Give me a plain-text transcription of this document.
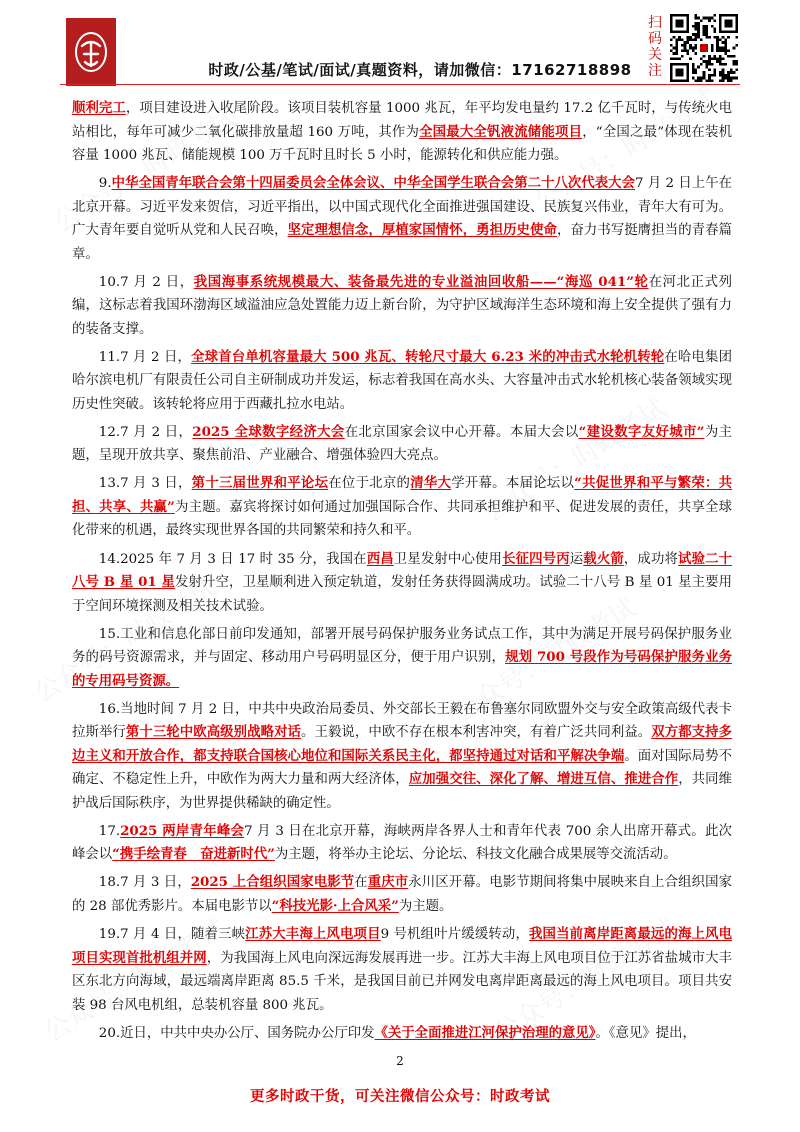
时政/公基/笔试/面试/真题资料，请加微信：17162718898
扫码关注

顺利完工，项目建设进入收尾阶段。该项目装机容量 1000 兆瓦，年平均发电量约 17.2 亿千瓦时，与传统火电站相比，每年可减少二氧化碳排放量超 160 万吨，其作为全国最大全钒液流储能项目，“全国之最”体现在装机容量 1000 兆瓦、储能规模 100 万千瓦时且时长 5 小时，能源转化和供应能力强。

9.中华全国青年联合会第十四届委员会全体会议、中华全国学生联合会第二十八次代表大会7 月 2 日上午在北京开幕。习近平发来贺信，习近平指出，以中国式现代化全面推进强国建设、民族复兴伟业，青年大有可为。广大青年要自觉听从党和人民召唤，坚定理想信念，厚植家国情怀，勇担历史使命，奋力书写挺膺担当的青春篇章。

10.7 月 2 日，我国海事系统规模最大、装备最先进的专业溢油回收船——“海巡 041”轮在河北正式列编，这标志着我国环渤海区域溢油应急处置能力迈上新台阶，为守护区域海洋生态环境和海上安全提供了强有力的装备支撑。

11.7 月 2 日，全球首台单机容量最大 500 兆瓦、转轮尺寸最大 6.23 米的冲击式水轮机转轮在哈电集团哈尔滨电机厂有限责任公司自主研制成功并发运，标志着我国在高水头、大容量冲击式水轮机核心装备领域实现历史性突破。该转轮将应用于西藏扎拉水电站。

12.7 月 2 日，2025 全球数字经济大会在北京国家会议中心开幕。本届大会以“建设数字友好城市”为主题，呈现开放共享、聚焦前沿、产业融合、增强体验四大亮点。

13.7 月 3 日，第十三届世界和平论坛在位于北京的清华大学开幕。本届论坛以“共促世界和平与繁荣：共担、共享、共赢”为主题。嘉宾将探讨如何通过加强国际合作、共同承担维护和平、促进发展的责任，共享全球化带来的机遇，最终实现世界各国的共同繁荣和持久和平。

14.2025 年 7 月 3 日 17 时 35 分，我国在西昌卫星发射中心使用长征四号丙运载火箭，成功将试验二十八号 B 星 01 星发射升空，卫星顺利进入预定轨道，发射任务获得圆满成功。试验二十八号 B 星 01 星主要用于空间环境探测及相关技术试验。

15.工业和信息化部日前印发通知，部署开展号码保护服务业务试点工作，其中为满足开展号码保护服务业务的码号资源需求，并与固定、移动用户号码明显区分，便于用户识别，规划 700 号段作为号码保护服务业务的专用码号资源。

16.当地时间 7 月 2 日，中共中央政治局委员、外交部长王毅在布鲁塞尔同欧盟外交与安全政策高级代表卡拉斯举行第十三轮中欧高级别战略对话。王毅说，中欧不存在根本利害冲突，有着广泛共同利益。双方都支持多边主义和开放合作，都支持联合国核心地位和国际关系民主化，都坚持通过对话和平解决争端。面对国际局势不确定、不稳定性上升，中欧作为两大力量和两大经济体，应加强交往、深化了解、增进互信、推进合作，共同维护战后国际秩序，为世界提供稀缺的确定性。

17.2025 两岸青年峰会7 月 3 日在北京开幕，海峡两岸各界人士和青年代表 700 余人出席开幕式。此次峰会以“携手绘青春　奋进新时代”为主题，将举办主论坛、分论坛、科技文化融合成果展等交流活动。

18.7 月 3 日，2025 上合组织国家电影节在重庆市永川区开幕。电影节期间将集中展映来自上合组织国家的 28 部优秀影片。本届电影节以“科技光影·上合风采”为主题。

19.7 月 4 日，随着三峡江苏大丰海上风电项目9 号机组叶片缓缓转动，我国当前离岸距离最远的海上风电项目实现首批机组并网，为我国海上风电向深远海发展再进一步。江苏大丰海上风电项目位于江苏省盐城市大丰区东北方向海域，最远端离岸距离 85.5 千米，是我国目前已并网发电离岸距离最远的海上风电项目。项目共安装 98 台风电机组，总装机容量 800 兆瓦。

20.近日，中共中央办公厅、国务院办公厅印发《关于全面推进江河保护治理的意见》。《意见》提出，

2
更多时政干货，可关注微信公众号：时政考试
